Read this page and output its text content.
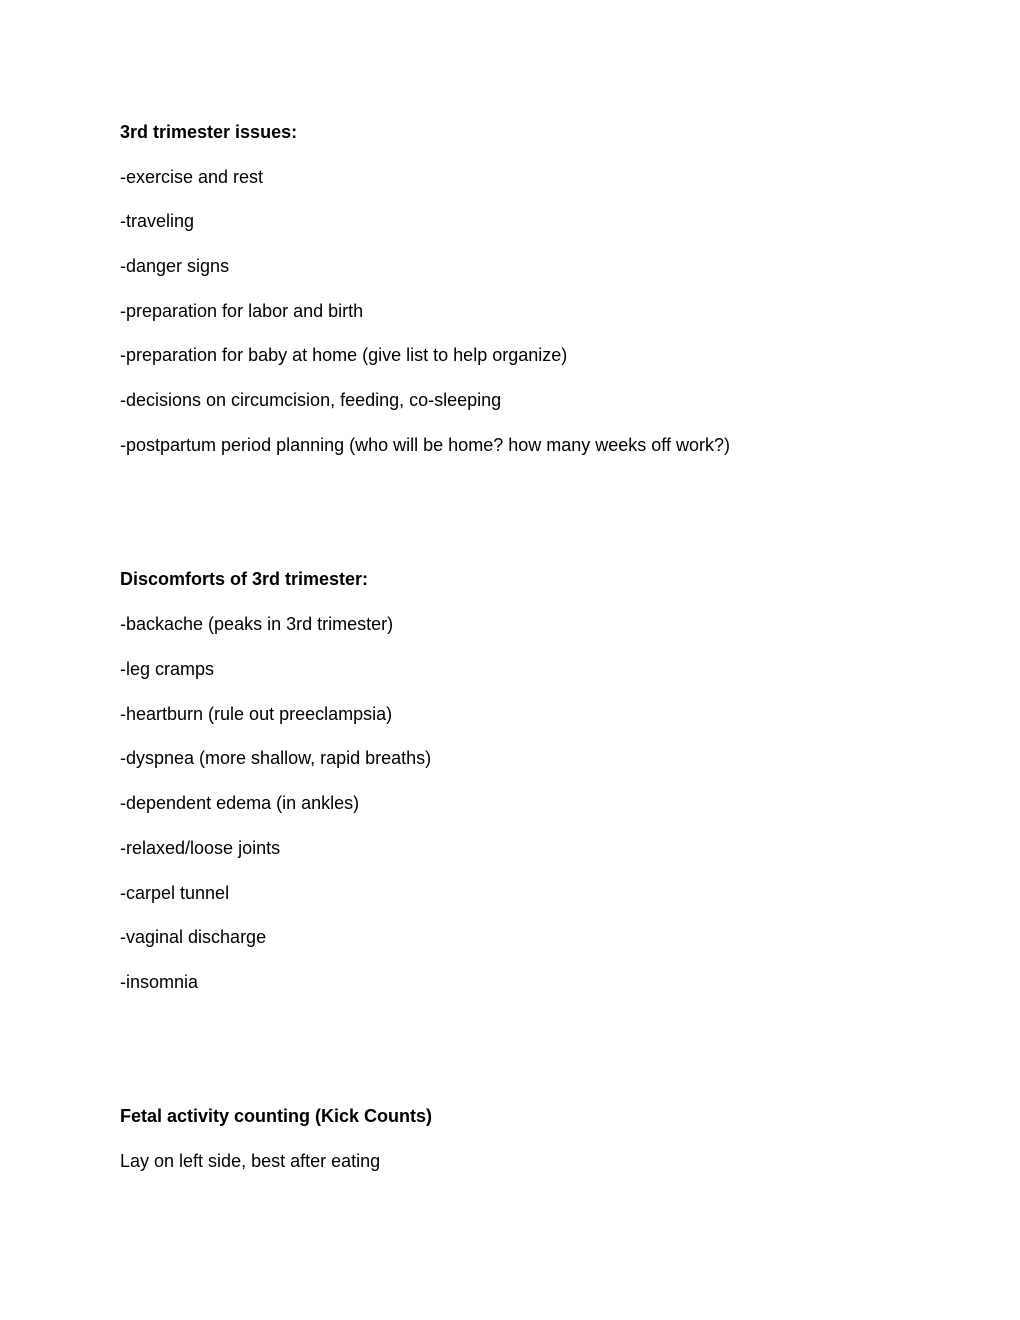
3rd trimester issues:
-exercise and rest
-traveling
-danger signs
-preparation for labor and birth
-preparation for baby at home (give list to help organize)
-decisions on circumcision, feeding, co-sleeping
-postpartum period planning (who will be home? how many weeks off work?)
Discomforts of 3rd trimester:
-backache (peaks in 3rd trimester)
-leg cramps
-heartburn (rule out preeclampsia)
-dyspnea (more shallow, rapid breaths)
-dependent edema (in ankles)
-relaxed/loose joints
-carpel tunnel
-vaginal discharge
-insomnia
Fetal activity counting (Kick Counts)
Lay on left side, best after eating
